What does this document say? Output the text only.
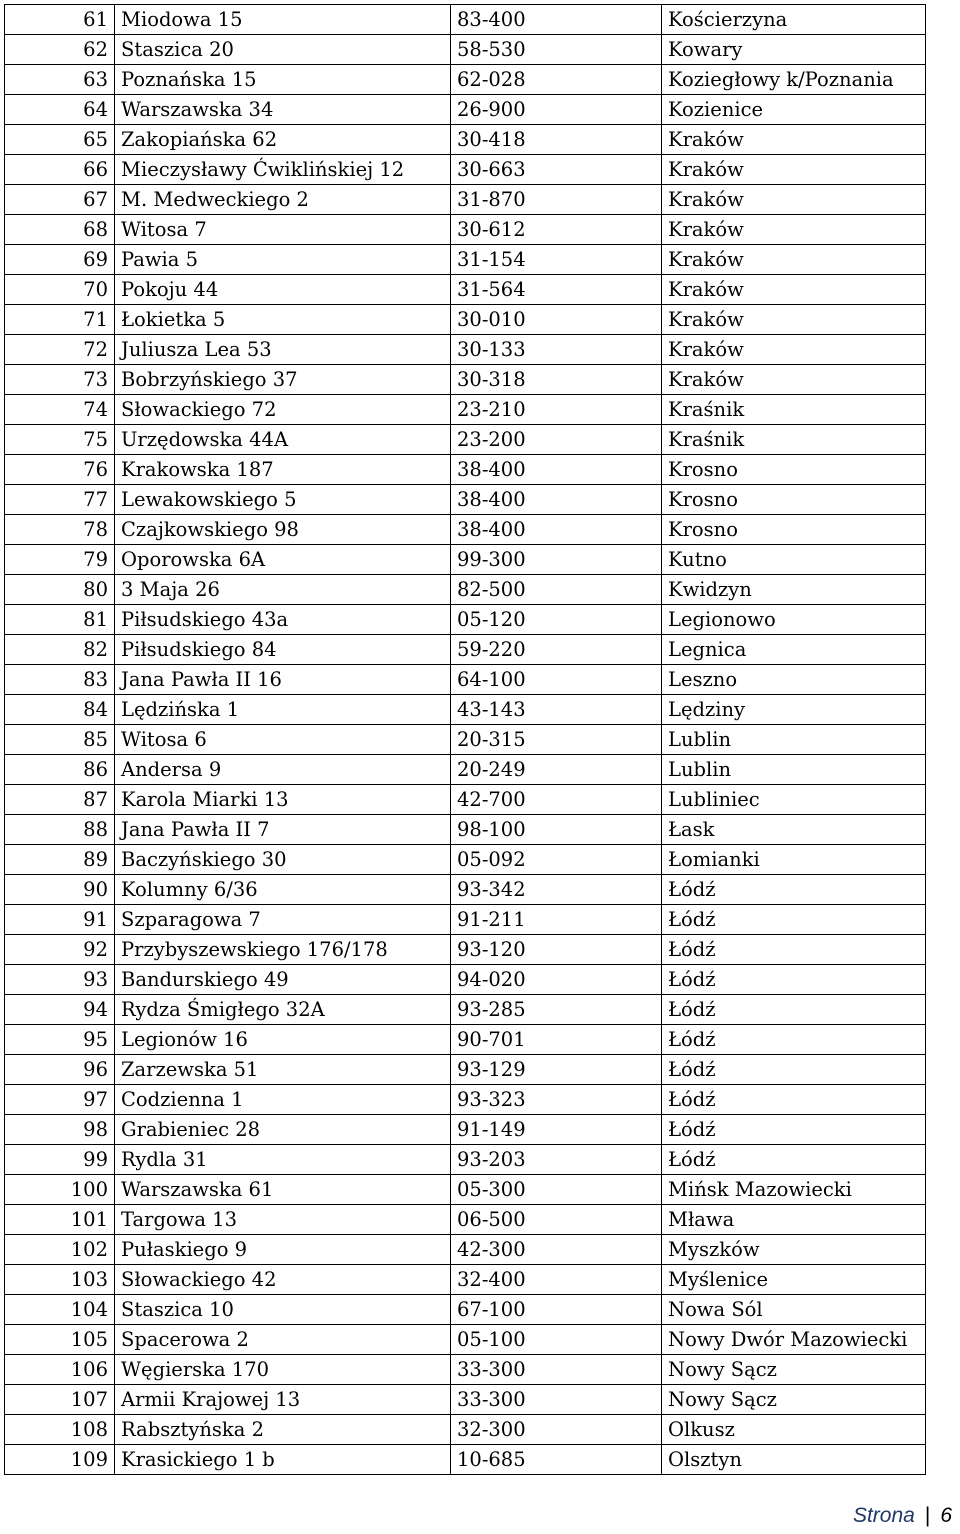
61	Miodowa 15	83-400	Kościerzyna
62	Staszica 20	58-530	Kowary
63	Poznańska 15	62-028	Koziegłowy k/Poznania
64	Warszawska 34	26-900	Kozienice
65	Zakopiańska 62	30-418	Kraków
66	Mieczysławy Ćwiklińskiej 12	30-663	Kraków
67	M. Medweckiego 2	31-870	Kraków
68	Witosa 7	30-612	Kraków
69	Pawia 5	31-154	Kraków
70	Pokoju 44	31-564	Kraków
71	Łokietka 5	30-010	Kraków
72	Juliusza Lea 53	30-133	Kraków
73	Bobrzyńskiego 37	30-318	Kraków
74	Słowackiego 72	23-210	Kraśnik
75	Urzędowska 44A	23-200	Kraśnik
76	Krakowska 187	38-400	Krosno
77	Lewakowskiego 5	38-400	Krosno
78	Czajkowskiego 98	38-400	Krosno
79	Oporowska 6A	99-300	Kutno
80	3 Maja 26	82-500	Kwidzyn
81	Piłsudskiego 43a	05-120	Legionowo
82	Piłsudskiego 84	59-220	Legnica
83	Jana Pawła II 16	64-100	Leszno
84	Lędzińska 1	43-143	Lędziny
85	Witosa 6	20-315	Lublin
86	Andersa 9	20-249	Lublin
87	Karola Miarki 13	42-700	Lubliniec
88	Jana Pawła II 7	98-100	Łask
89	Baczyńskiego 30	05-092	Łomianki
90	Kolumny 6/36	93-342	Łódź
91	Szparagowa 7	91-211	Łódź
92	Przybyszewskiego 176/178	93-120	Łódź
93	Bandurskiego 49	94-020	Łódź
94	Rydza Śmigłego 32A	93-285	Łódź
95	Legionów 16	90-701	Łódź
96	Zarzewska 51	93-129	Łódź
97	Codzienna 1	93-323	Łódź
98	Grabieniec 28	91-149	Łódź
99	Rydla 31	93-203	Łódź
100	Warszawska 61	05-300	Mińsk Mazowiecki
101	Targowa 13	06-500	Mława
102	Pułaskiego 9	42-300	Myszków
103	Słowackiego 42	32-400	Myślenice
104	Staszica 10	67-100	Nowa Sól
105	Spacerowa 2	05-100	Nowy Dwór Mazowiecki
106	Węgierska 170	33-300	Nowy Sącz
107	Armii Krajowej 13	33-300	Nowy Sącz
108	Rabsztyńska 2	32-300	Olkusz
109	Krasickiego 1 b	10-685	Olsztyn
Strona | 6
